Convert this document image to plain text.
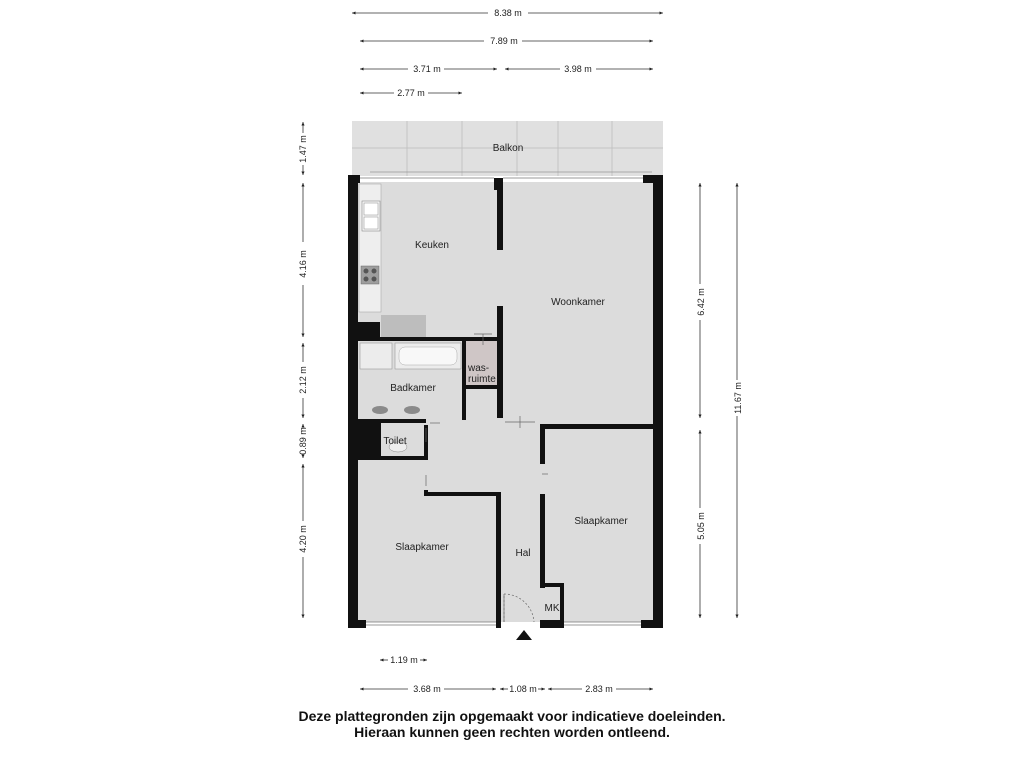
8.38 m
7.89 m
3.71 m	3.98 m
2.77 m
1.47 m
4.16 m
2.12 m
0.89 m
4.20 m
6.42 m
5.05 m
11.67 m
1.19 m
3.68 m	1.08 m	2.83 m
Balkon
Keuken
Woonkamer
was-
ruimte
Badkamer
Toilet
Slaapkamer
Slaapkamer
Hal
MK
Deze plattegronden zijn opgemaakt voor indicatieve doeleinden.
Hieraan kunnen geen rechten worden ontleend.
